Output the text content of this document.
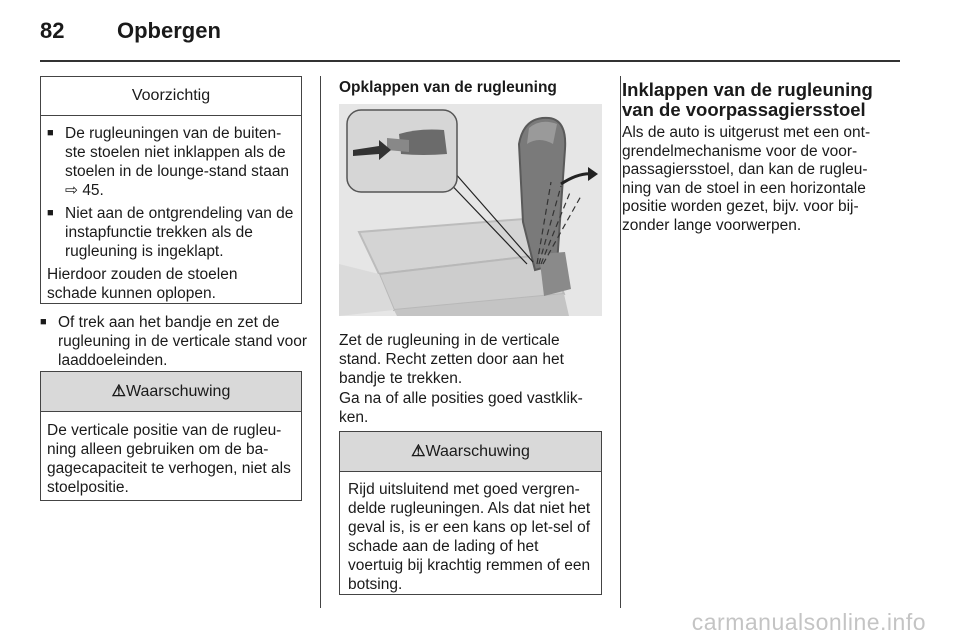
82 Opbergen
Voorzichtig
■ De rugleuningen van de buiten-ste stoelen niet inklappen als de stoelen in de lounge-stand staan ⇨ 45.
■ Niet aan de ontgrendeling van de instapfunctie trekken als de rugleuning is ingeklapt.
Hierdoor zouden de stoelen schade kunnen oplopen.
■ Of trek aan het bandje en zet de rugleuning in de verticale stand voor laaddoeleinden.
⚠Waarschuwing
De verticale positie van de rugleu-ning alleen gebruiken om de ba-gagecapaciteit te verhogen, niet als stoelpositie.
Opklappen van de rugleuning
Zet de rugleuning in de verticale stand. Recht zetten door aan het bandje te trekken.
Ga na of alle posities goed vastklik-ken.
⚠Waarschuwing
Rijd uitsluitend met goed vergren-delde rugleuningen. Als dat niet het geval is, is er een kans op let-sel of schade aan de lading of het voertuig bij krachtig remmen of een botsing.
Inklappen van de rugleuning van de voorpassagiersstoel
Als de auto is uitgerust met een ont-grendelmechanisme voor de voor-passagiersstoel, dan kan de rugleu-ning van de stoel in een horizontale positie worden gezet, bijv. voor bij-zonder lange voorwerpen.
carmanualsonline.info
